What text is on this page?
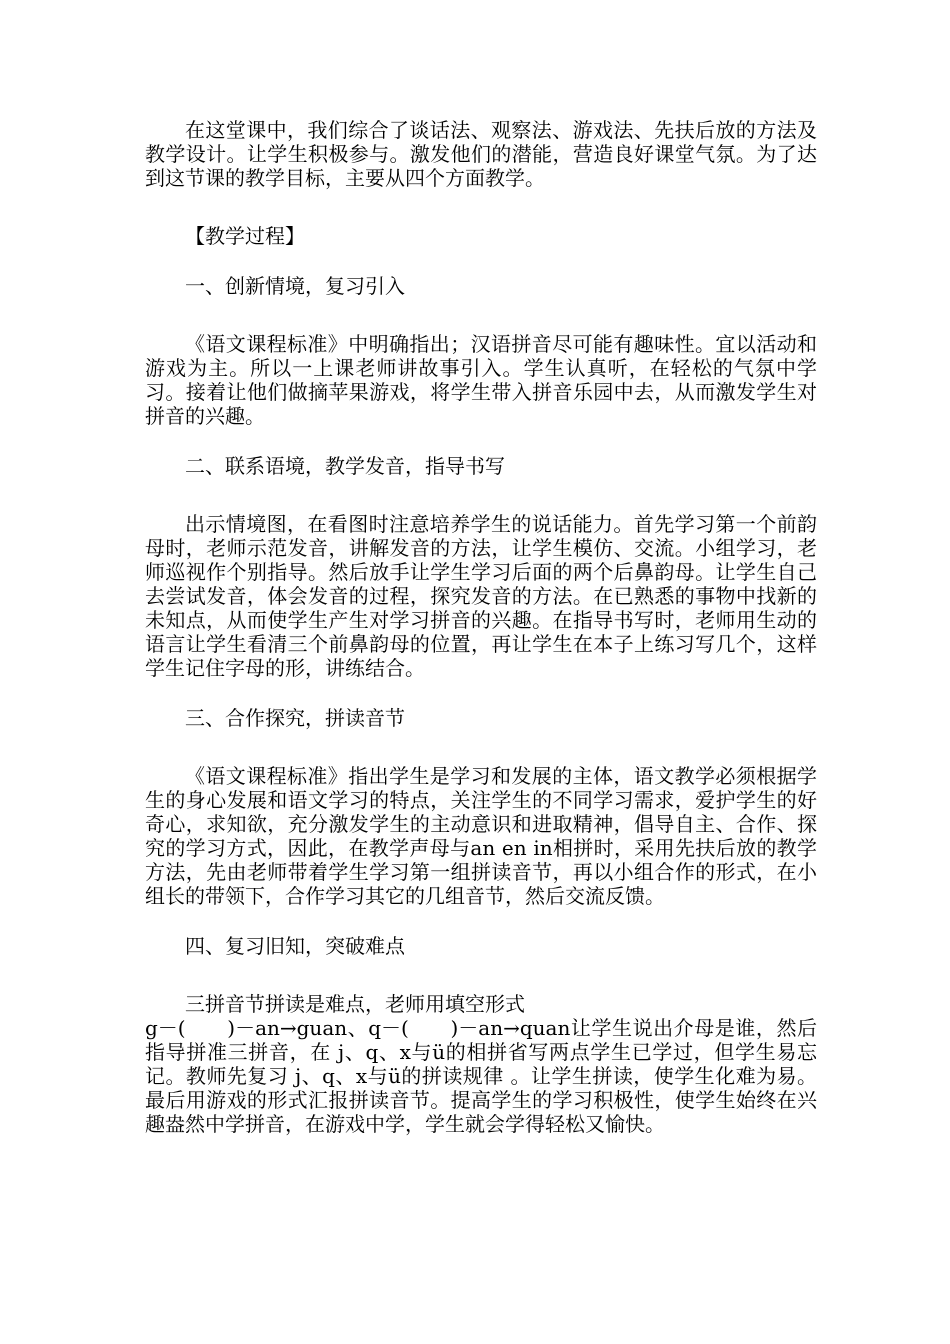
在这堂课中，我们综合了谈话法、观察法、游戏法、先扶后放的方法及教学设计。让学生积极参与。激发他们的潜能，营造良好课堂气氛。为了达到这节课的教学目标，主要从四个方面教学。

【教学过程】

一、创新情境，复习引入

《语文课程标准》中明确指出；汉语拼音尽可能有趣味性。宜以活动和游戏为主。所以一上课老师讲故事引入。学生认真听，在轻松的气氛中学习。接着让他们做摘苹果游戏，将学生带入拼音乐园中去，从而激发学生对拼音的兴趣。

二、联系语境，教学发音，指导书写

出示情境图，在看图时注意培养学生的说话能力。首先学习第一个前韵母时，老师示范发音，讲解发音的方法，让学生模仿、交流。小组学习，老师巡视作个别指导。然后放手让学生学习后面的两个后鼻韵母。让学生自己去尝试发音，体会发音的过程，探究发音的方法。在已熟悉的事物中找新的未知点，从而使学生产生对学习拼音的兴趣。在指导书写时，老师用生动的语言让学生看清三个前鼻韵母的位置，再让学生在本子上练习写几个，这样学生记住字母的形，讲练结合。

三、合作探究，拼读音节

《语文课程标准》指出学生是学习和发展的主体，语文教学必须根据学生的身心发展和语文学习的特点，关注学生的不同学习需求，爱护学生的好奇心，求知欲，充分激发学生的主动意识和进取精神，倡导自主、合作、探究的学习方式，因此，在教学声母与an en in相拼时，采用先扶后放的教学方法，先由老师带着学生学习第一组拼读音节，再以小组合作的形式，在小组长的带领下，合作学习其它的几组音节，然后交流反馈。

四、复习旧知，突破难点

三拼音节拼读是难点，老师用填空形式

g－(　　)－an→guan、q－(　　)－an→quan让学生说出介母是谁，然后指导拼准三拼音，在 j、q、x与ü的相拼省写两点学生已学过，但学生易忘记。教师先复习 j、q、x与ü的拼读规律 。让学生拼读，使学生化难为易。最后用游戏的形式汇报拼读音节。提高学生的学习积极性，使学生始终在兴趣盎然中学拼音，在游戏中学，学生就会学得轻松又愉快。
